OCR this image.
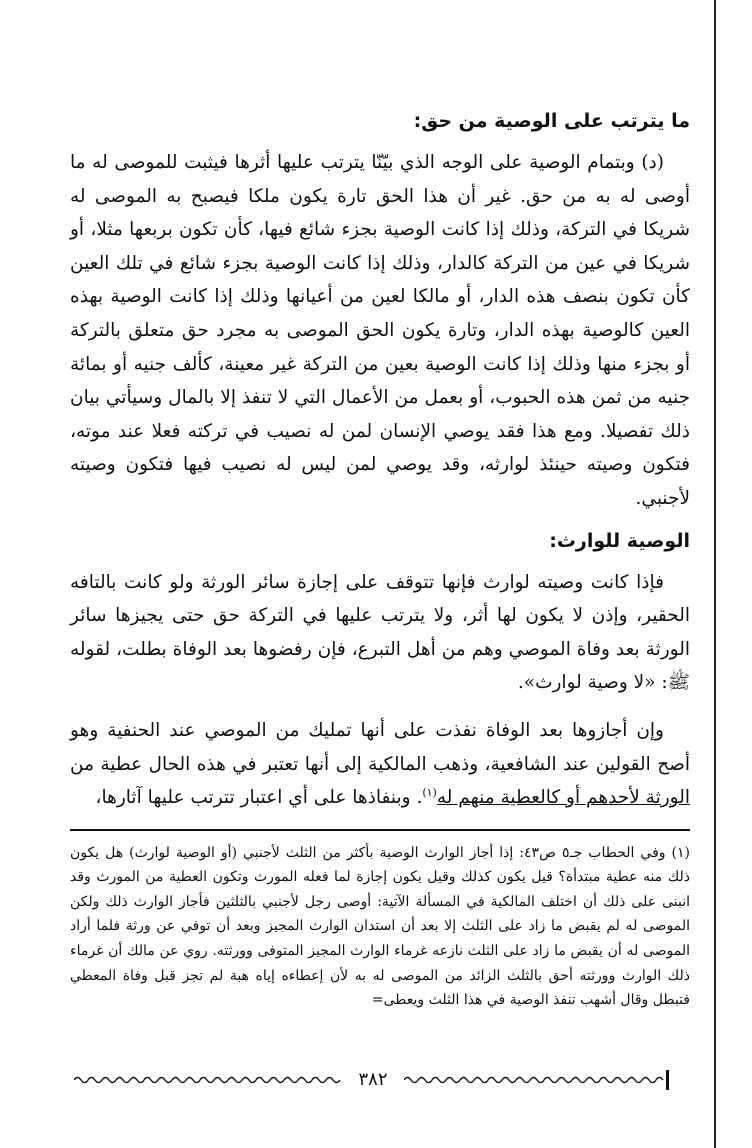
ما يترتب على الوصية من حق:

(د) وبتمام الوصية على الوجه الذي بيّنّا يترتب عليها أثرها فيثبت للموصى له ما أوصى له به من حق. غير أن هذا الحق تارة يكون ملكا فيصبح به الموصى له شريكا في التركة، وذلك إذا كانت الوصية بجزء شائع فيها، كأن تكون بربعها مثلا، أو شريكا في عين من التركة كالدار، وذلك إذا كانت الوصية بجزء شائع في تلك العين كأن تكون بنصف هذه الدار، أو مالكا لعين من أعيانها وذلك إذا كانت الوصية بهذه العين كالوصية بهذه الدار، وتارة يكون الحق الموصى به مجرد حق متعلق بالتركة أو بجزء منها وذلك إذا كانت الوصية بعين من التركة غير معينة، كألف جنيه أو بمائة جنيه من ثمن هذه الحبوب، أو بعمل من الأعمال التي لا تنفذ إلا بالمال وسيأتي بيان ذلك تفصيلا. ومع هذا فقد يوصي الإنسان لمن له نصيب في تركته فعلا عند موته، فتكون وصيته حينئذ لوارثه، وقد يوصي لمن ليس له نصيب فيها فتكون وصيته لأجنبي.

الوصية للوارث:

فإذا كانت وصيته لوارث فإنها تتوقف على إجازة سائر الورثة ولو كانت بالتافه الحقير، وإذن لا يكون لها أثر، ولا يترتب عليها في التركة حق حتى يجيزها سائر الورثة بعد وفاة الموصي وهم من أهل التبرع، فإن رفضوها بعد الوفاة بطلت، لقوله ﷺ: «لا وصية لوارث».

وإن أجازوها بعد الوفاة نفذت على أنها تمليك من الموصي عند الحنفية وهو أصح القولين عند الشافعية، وذهب المالكية إلى أنها تعتبر في هذه الحال عطية من الورثة لأحدهم أو كالعطية منهم له$^{(١)}$. وبنفاذها على أي اعتبار تترتب عليها آثارها،

(١) وفي الحطاب جـ٥ ص٤٣: إذا أجاز الوارث الوصية بأكثر من الثلث لأجنبي (أو الوصية لوارث) هل يكون ذلك منه عطية مبتدأة؟ قيل يكون كذلك وقيل يكون إجازة لما فعله المورث وتكون العطية من المورث وقد انبنى على ذلك أن اختلف المالكية في المسألة الآتية: أوصى رجل لأجنبي بالثلثين فأجاز الوارث ذلك ولكن الموصى له لم يقبض ما زاد على الثلث إلا بعد أن استدان الوارث المجيز وبعد أن توفي عن ورثة فلما أراد الموصى له أن يقبض ما زاد على الثلث نازعه غرماء الوارث المجيز المتوفى وورثته. روي عن مالك أن غرماء ذلك الوارث وورثته أحق بالثلث الزائد من الموصى له به لأن إعطاءه إياه هبة لم تجز قبل وفاة المعطي فتبطل وقال أشهب تنفذ الوصية في هذا الثلث ويعطى=

٣٨٢
